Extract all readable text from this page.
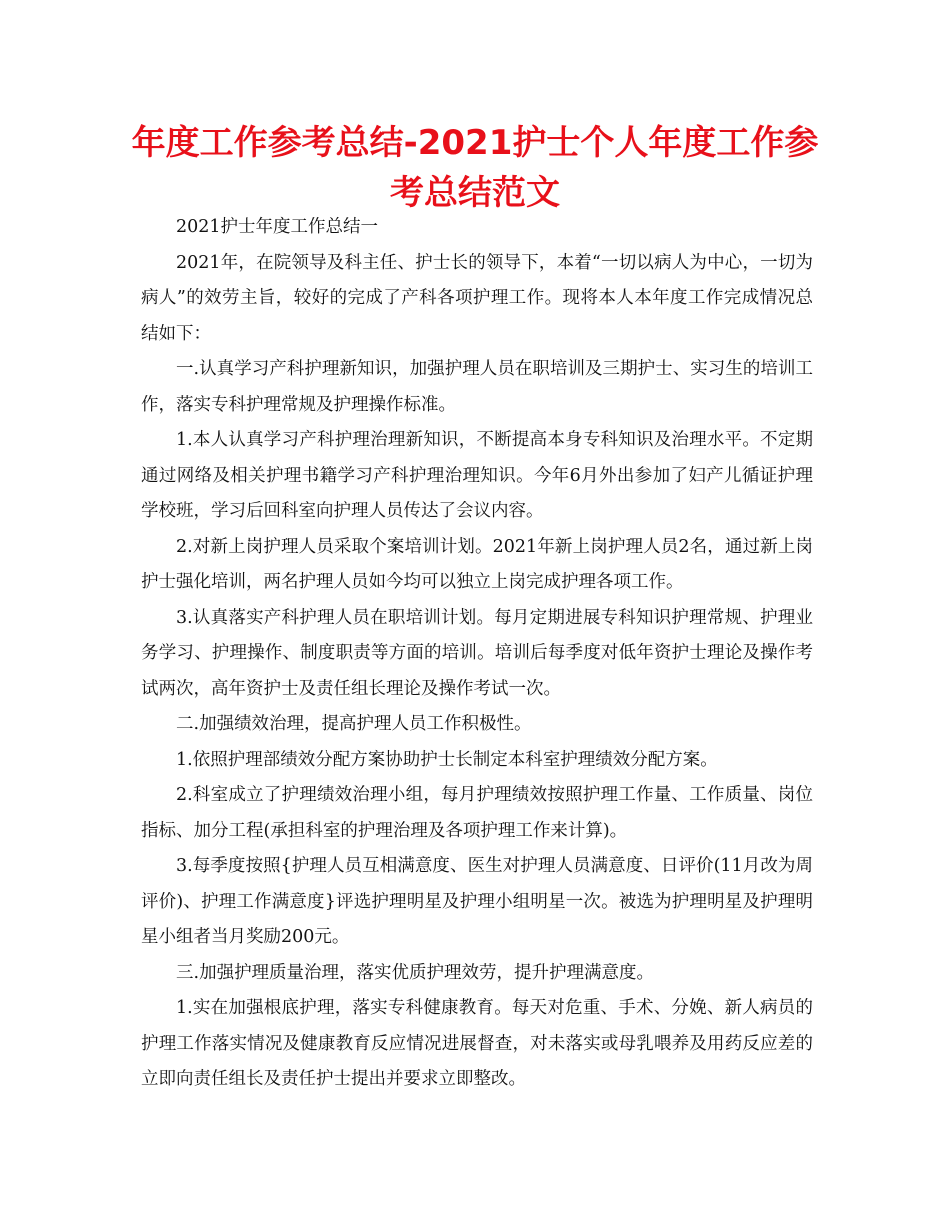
年度工作参考总结-2021护士个人年度工作参考总结范文

2021护士年度工作总结一

2021年，在院领导及科主任、护士长的领导下，本着“一切以病人为中心，一切为病人”的效劳主旨，较好的完成了产科各项护理工作。现将本人本年度工作完成情况总结如下：

一.认真学习产科护理新知识，加强护理人员在职培训及三期护士、实习生的培训工作，落实专科护理常规及护理操作标准。

1.本人认真学习产科护理治理新知识，不断提高本身专科知识及治理水平。不定期通过网络及相关护理书籍学习产科护理治理知识。今年6月外出参加了妇产儿循证护理学校班，学习后回科室向护理人员传达了会议内容。

2.对新上岗护理人员采取个案培训计划。2021年新上岗护理人员2名，通过新上岗护士强化培训，两名护理人员如今均可以独立上岗完成护理各项工作。

3.认真落实产科护理人员在职培训计划。每月定期进展专科知识护理常规、护理业务学习、护理操作、制度职责等方面的培训。培训后每季度对低年资护士理论及操作考试两次，高年资护士及责任组长理论及操作考试一次。

二.加强绩效治理，提高护理人员工作积极性。

1.依照护理部绩效分配方案协助护士长制定本科室护理绩效分配方案。

2.科室成立了护理绩效治理小组，每月护理绩效按照护理工作量、工作质量、岗位指标、加分工程(承担科室的护理治理及各项护理工作来计算)。

3.每季度按照{护理人员互相满意度、医生对护理人员满意度、日评价(11月改为周评价)、护理工作满意度}评选护理明星及护理小组明星一次。被选为护理明星及护理明星小组者当月奖励200元。

三.加强护理质量治理，落实优质护理效劳，提升护理满意度。

1.实在加强根底护理，落实专科健康教育。每天对危重、手术、分娩、新人病员的护理工作落实情况及健康教育反应情况进展督查，对未落实或母乳喂养及用药反应差的立即向责任组长及责任护士提出并要求立即整改。
